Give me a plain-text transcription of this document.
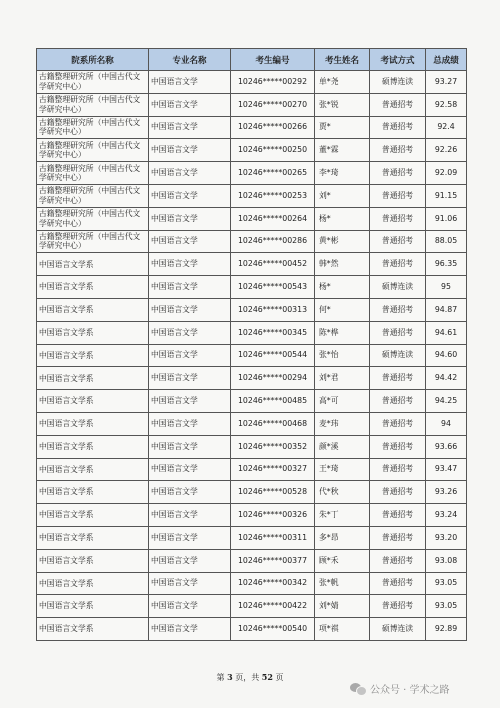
院系所名称	专业名称	考生编号	考生姓名	考试方式	总成绩
古籍整理研究所（中国古代文学研究中心）	中国语言文学	10246*****00292	单*尧	硕博连读	93.27
古籍整理研究所（中国古代文学研究中心）	中国语言文学	10246*****00270	张*锐	普通招考	92.58
古籍整理研究所（中国古代文学研究中心）	中国语言文学	10246*****00266	贾*	普通招考	92.4
古籍整理研究所（中国古代文学研究中心）	中国语言文学	10246*****00250	董*霖	普通招考	92.26
古籍整理研究所（中国古代文学研究中心）	中国语言文学	10246*****00265	李*琦	普通招考	92.09
古籍整理研究所（中国古代文学研究中心）	中国语言文学	10246*****00253	刘*	普通招考	91.15
古籍整理研究所（中国古代文学研究中心）	中国语言文学	10246*****00264	杨*	普通招考	91.06
古籍整理研究所（中国古代文学研究中心）	中国语言文学	10246*****00286	黄*彬	普通招考	88.05
中国语言文学系	中国语言文学	10246*****00452	韩*然	普通招考	96.35
中国语言文学系	中国语言文学	10246*****00543	杨*	硕博连读	95
中国语言文学系	中国语言文学	10246*****00313	何*	普通招考	94.87
中国语言文学系	中国语言文学	10246*****00345	陈*桦	普通招考	94.61
中国语言文学系	中国语言文学	10246*****00544	张*怡	硕博连读	94.60
中国语言文学系	中国语言文学	10246*****00294	刘*君	普通招考	94.42
中国语言文学系	中国语言文学	10246*****00485	高*可	普通招考	94.25
中国语言文学系	中国语言文学	10246*****00468	麦*玮	普通招考	94
中国语言文学系	中国语言文学	10246*****00352	颜*溪	普通招考	93.66
中国语言文学系	中国语言文学	10246*****00327	王*琦	普通招考	93.47
中国语言文学系	中国语言文学	10246*****00528	代*秋	普通招考	93.26
中国语言文学系	中国语言文学	10246*****00326	朱*丁	普通招考	93.24
中国语言文学系	中国语言文学	10246*****00311	多*昂	普通招考	93.20
中国语言文学系	中国语言文学	10246*****00377	顾*禾	普通招考	93.08
中国语言文学系	中国语言文学	10246*****00342	张*帆	普通招考	93.05
中国语言文学系	中国语言文学	10246*****00422	刘*婧	普通招考	93.05
中国语言文学系	中国语言文学	10246*****00540	项*祺	硕博连读	92.89
第 3 页，共 52 页
公众号 · 学术之路
